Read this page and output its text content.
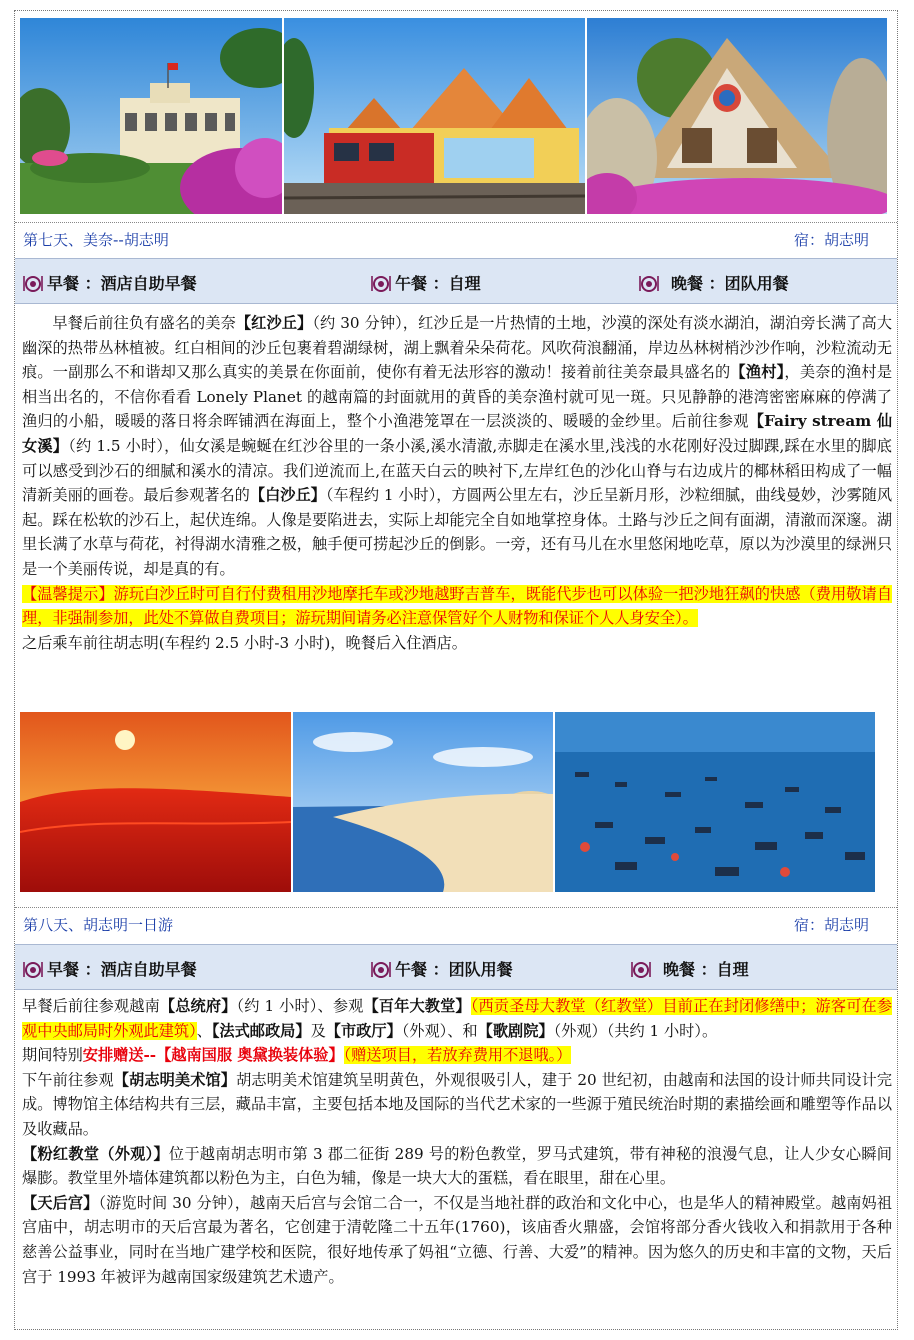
第七天、美奈--胡志明	宿：胡志明
早餐 ：酒店自助早餐	午餐 ：自理	晚餐 ：团队用餐

早餐后前往负有盛名的美奈【红沙丘】（约 30 分钟），红沙丘是一片热情的土地，沙漠的深处有淡水湖泊，湖泊旁长满了高大幽深的热带丛林植被。红白相间的沙丘包裹着碧湖绿树，湖上飘着朵朵荷花。风吹荷浪翻涌，岸边丛林树梢沙沙作响，沙粒流动无痕。一副那么不和谐却又那么真实的美景在你面前，使你有着无法形容的激动！接着前往美奈最具盛名的【渔村】，美奈的渔村是相当出名的，不信你看看 Lonely Planet 的越南篇的封面就用的黄昏的美奈渔村就可见一斑。只见静静的港湾密密麻麻的停满了渔归的小船，暖暖的落日将余晖铺洒在海面上，整个小渔港笼罩在一层淡淡的、暖暖的金纱里。后前往参观【Fairy stream 仙女溪】（约 1.5 小时），仙女溪是蜿蜒在红沙谷里的一条小溪,溪水清澈,赤脚走在溪水里,浅浅的水花刚好没过脚踝,踩在水里的脚底可以感受到沙石的细腻和溪水的清凉。我们逆流而上,在蓝天白云的映衬下,左岸红色的沙化山脊与右边成片的椰林稻田构成了一幅清新美丽的画卷。最后参观著名的【白沙丘】（车程约 1 小时），方圆两公里左右，沙丘呈新月形，沙粒细腻，曲线曼妙，沙雾随风起。踩在松软的沙石上，起伏连绵。人像是要陷进去，实际上却能完全自如地掌控身体。土路与沙丘之间有面湖，清澈而深邃。湖里长满了水草与荷花，衬得湖水清雅之极，触手便可捞起沙丘的倒影。一旁，还有马儿在水里悠闲地吃草，原以为沙漠里的绿洲只是一个美丽传说，却是真的有。

【温馨提示】游玩白沙丘时可自行付费租用沙地摩托车或沙地越野吉普车，既能代步也可以体验一把沙地狂飙的快感（费用敬请自理，非强制参加，此处不算做自费项目；游玩期间请务必注意保管好个人财物和保证个人人身安全）。

之后乘车前往胡志明(车程约 2.5 小时-3 小时)，晚餐后入住酒店。

第八天、胡志明一日游	宿：胡志明
早餐 ：酒店自助早餐	午餐 ：团队用餐	晚餐 ：自理

早餐后前往参观越南【总统府】（约 1 小时）、参观【百年大教堂】（西贡圣母大教堂（红教堂）目前正在封闭修缮中；游客可在参观中央邮局时外观此建筑）、【法式邮政局】及【市政厅】（外观）、和【歌剧院】（外观）（共约 1 小时）。

期间特别安排赠送--【越南国服 奥黛换装体验】（赠送项目，若放弃费用不退哦。）

下午前往参观【胡志明美术馆】胡志明美术馆建筑呈明黄色，外观很吸引人，建于 20 世纪初，由越南和法国的设计师共同设计完成。博物馆主体结构共有三层，藏品丰富，主要包括本地及国际的当代艺术家的一些源于殖民统治时期的素描绘画和雕塑等作品以及收藏品。

【粉红教堂（外观）】位于越南胡志明市第 3 郡二征街 289 号的粉色教堂，罗马式建筑，带有神秘的浪漫气息，让人少女心瞬间爆膨。教堂里外墙体建筑都以粉色为主，白色为辅，像是一块大大的蛋糕，看在眼里，甜在心里。

【天后宫】（游览时间 30 分钟），越南天后宫与会馆二合一，不仅是当地社群的政治和文化中心，也是华人的精神殿堂。越南妈祖宫庙中，胡志明市的天后宫最为著名，它创建于清乾隆二十五年(1760)，该庙香火鼎盛，会馆将部分香火钱收入和捐款用于各种慈善公益事业，同时在当地广建学校和医院，很好地传承了妈祖“立德、行善、大爱”的精神。因为悠久的历史和丰富的文物，天后宫于 1993 年被评为越南国家级建筑艺术遗产。
